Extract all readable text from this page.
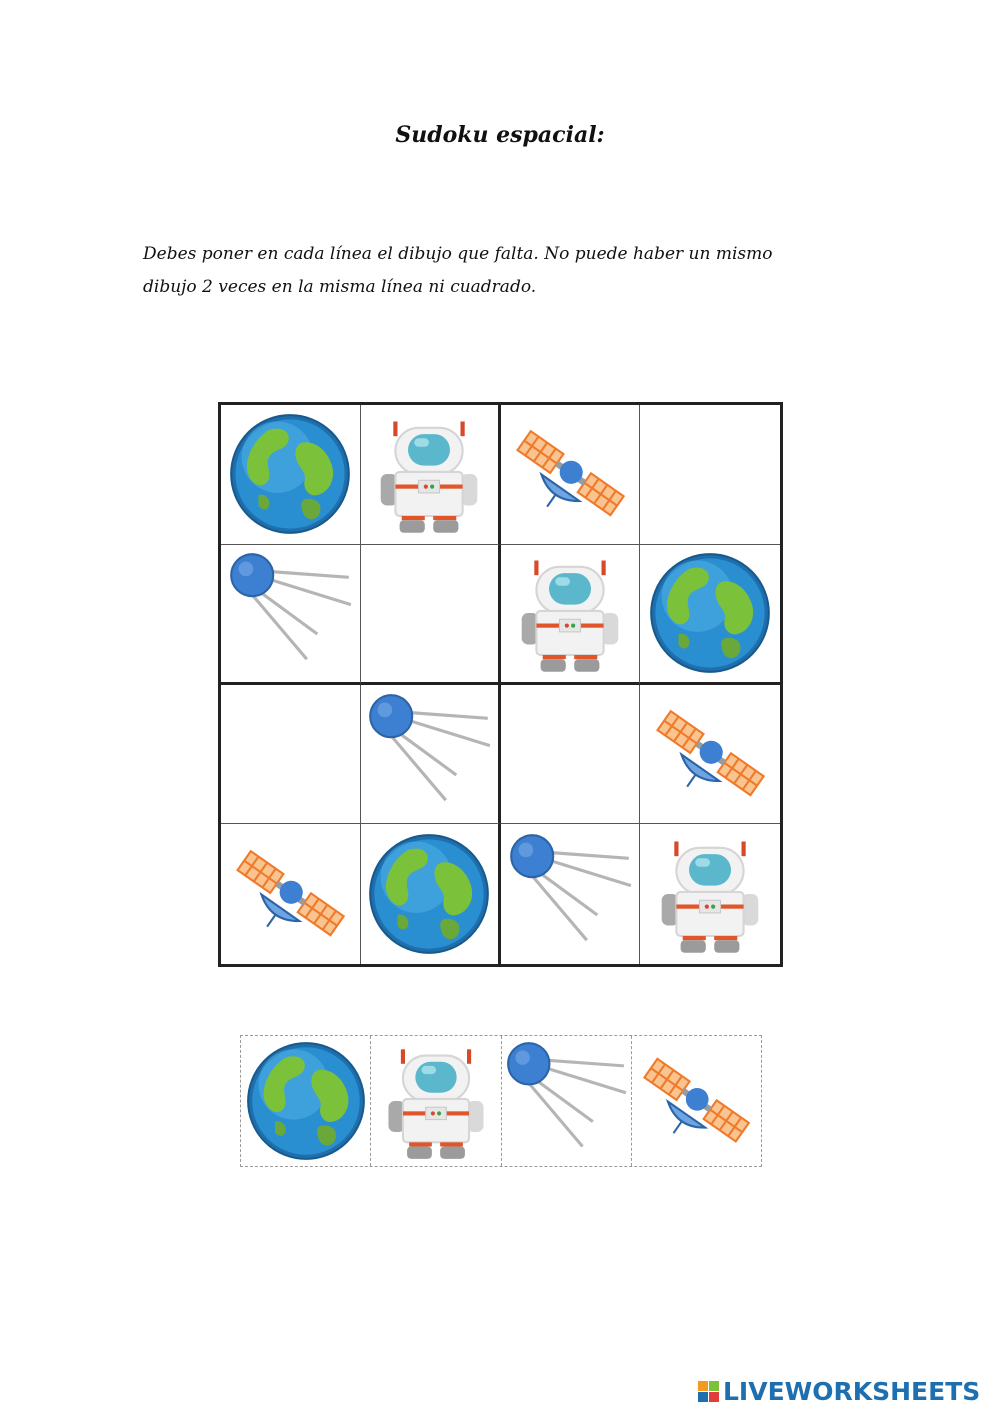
Sudoku espacial:
Debes poner en cada línea el dibujo que falta. No puede haber un mismo
dibujo 2 veces en la misma línea ni cuadrado.
LIVEWORKSHEETS
